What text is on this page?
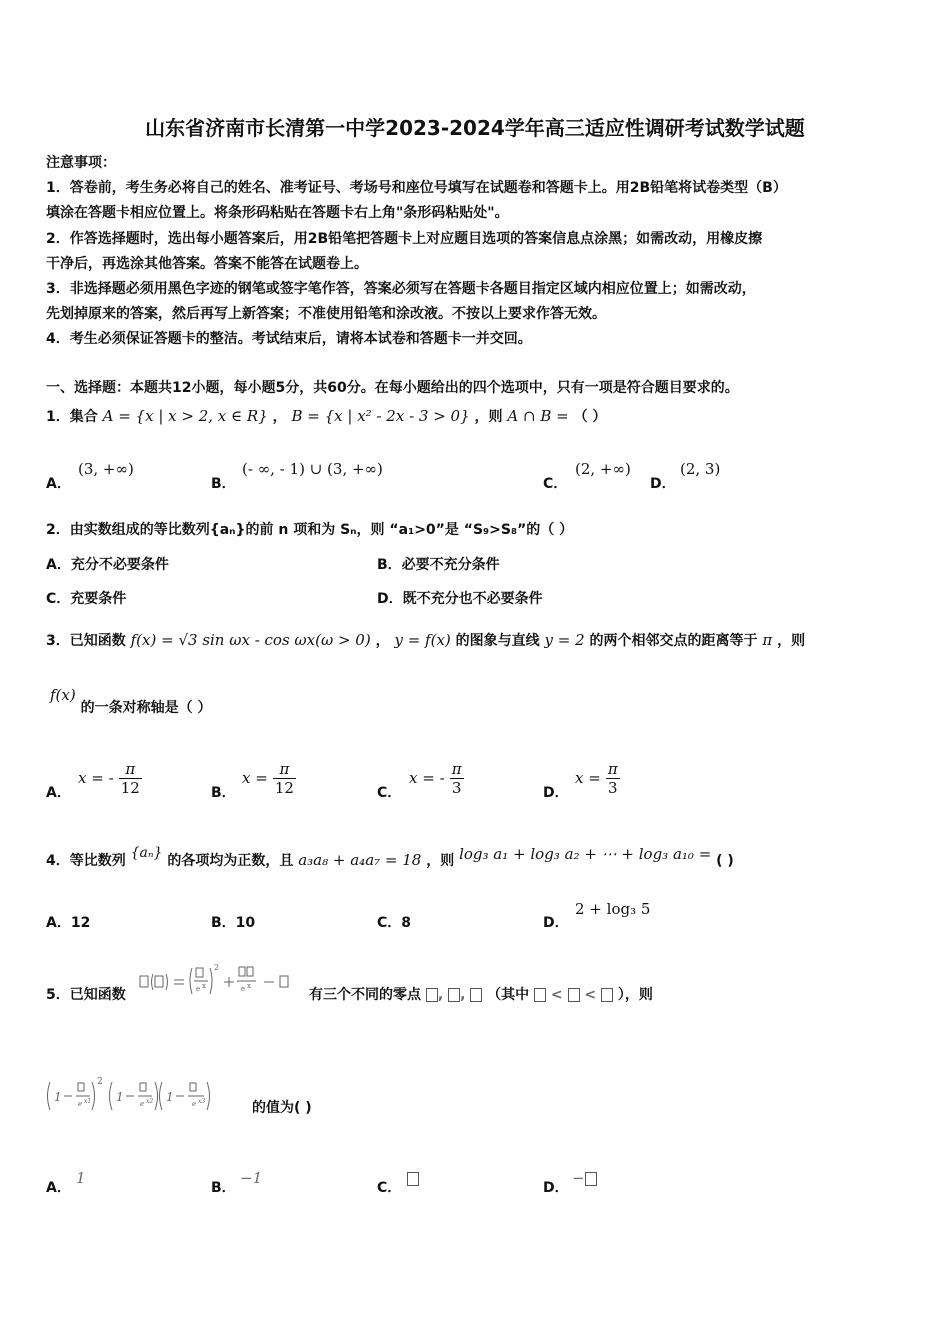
山东省济南市长清第一中学2023-2024学年高三适应性调研考试数学试题
注意事项：
1．答卷前，考生务必将自己的姓名、准考证号、考场号和座位号填写在试题卷和答题卡上。用2B铅笔将试卷类型（B）
填涂在答题卡相应位置上。将条形码粘贴在答题卡右上角"条形码粘贴处"。
2．作答选择题时，选出每小题答案后，用2B铅笔把答题卡上对应题目选项的答案信息点涂黑；如需改动，用橡皮擦
干净后，再选涂其他答案。答案不能答在试题卷上。
3．非选择题必须用黑色字迹的钢笔或签字笔作答，答案必须写在答题卡各题目指定区域内相应位置上；如需改动，
先划掉原来的答案，然后再写上新答案；不准使用铅笔和涂改液。不按以上要求作答无效。
4．考生必须保证答题卡的整洁。考试结束后，请将本试卷和答题卡一并交回。
一、选择题：本题共12小题，每小题5分，共60分。在每小题给出的四个选项中，只有一项是符合题目要求的。
1．集合 A = {x | x > 2, x ∈ R} ， B = {x | x² - 2x - 3 > 0} ，则 A ∩ B = （ ）
A．
(3, +∞)
B．
(- ∞, - 1) ∪ (3, +∞)
C．
(2, +∞)
D．
(2, 3)
2．由实数组成的等比数列{aₙ}的前 n 项和为 Sₙ，则 “a₁>0”是 “S₉>S₈”的（ ）
A．充分不必要条件	B．必要不充分条件
C．充要条件	D．既不充分也不必要条件
3．已知函数 f(x) = √3 sin ωx - cos ωx(ω > 0) ， y = f(x) 的图象与直线 y = 2 的两个相邻交点的距离等于 π ，则
f(x) 的一条对称轴是（ ）
A．
x = - $\frac{\pi}{12}$	B．
$x = \frac{\pi}{12}$	C．
x = - $\frac{\pi}{3}$	D．
$x = \frac{\pi}{3}$
4．等比数列 {aₙ} 的各项均为正数，且 a₃a₈ + a₄a₇ = 18 ，则 log₃ a₁ + log₃ a₂ + ⋯ + log₃ a₁₀ = ( )
A．12	B．10	C．8	D．
2 + log₃ 5
5．已知函数	e x	e x
2
有三个不同的零点 , , （其中  <  <  ），则
1	1	1
2
e x1	e x2	e x3	的值为( )
A．
1
B．
−1
C．	D．
−
